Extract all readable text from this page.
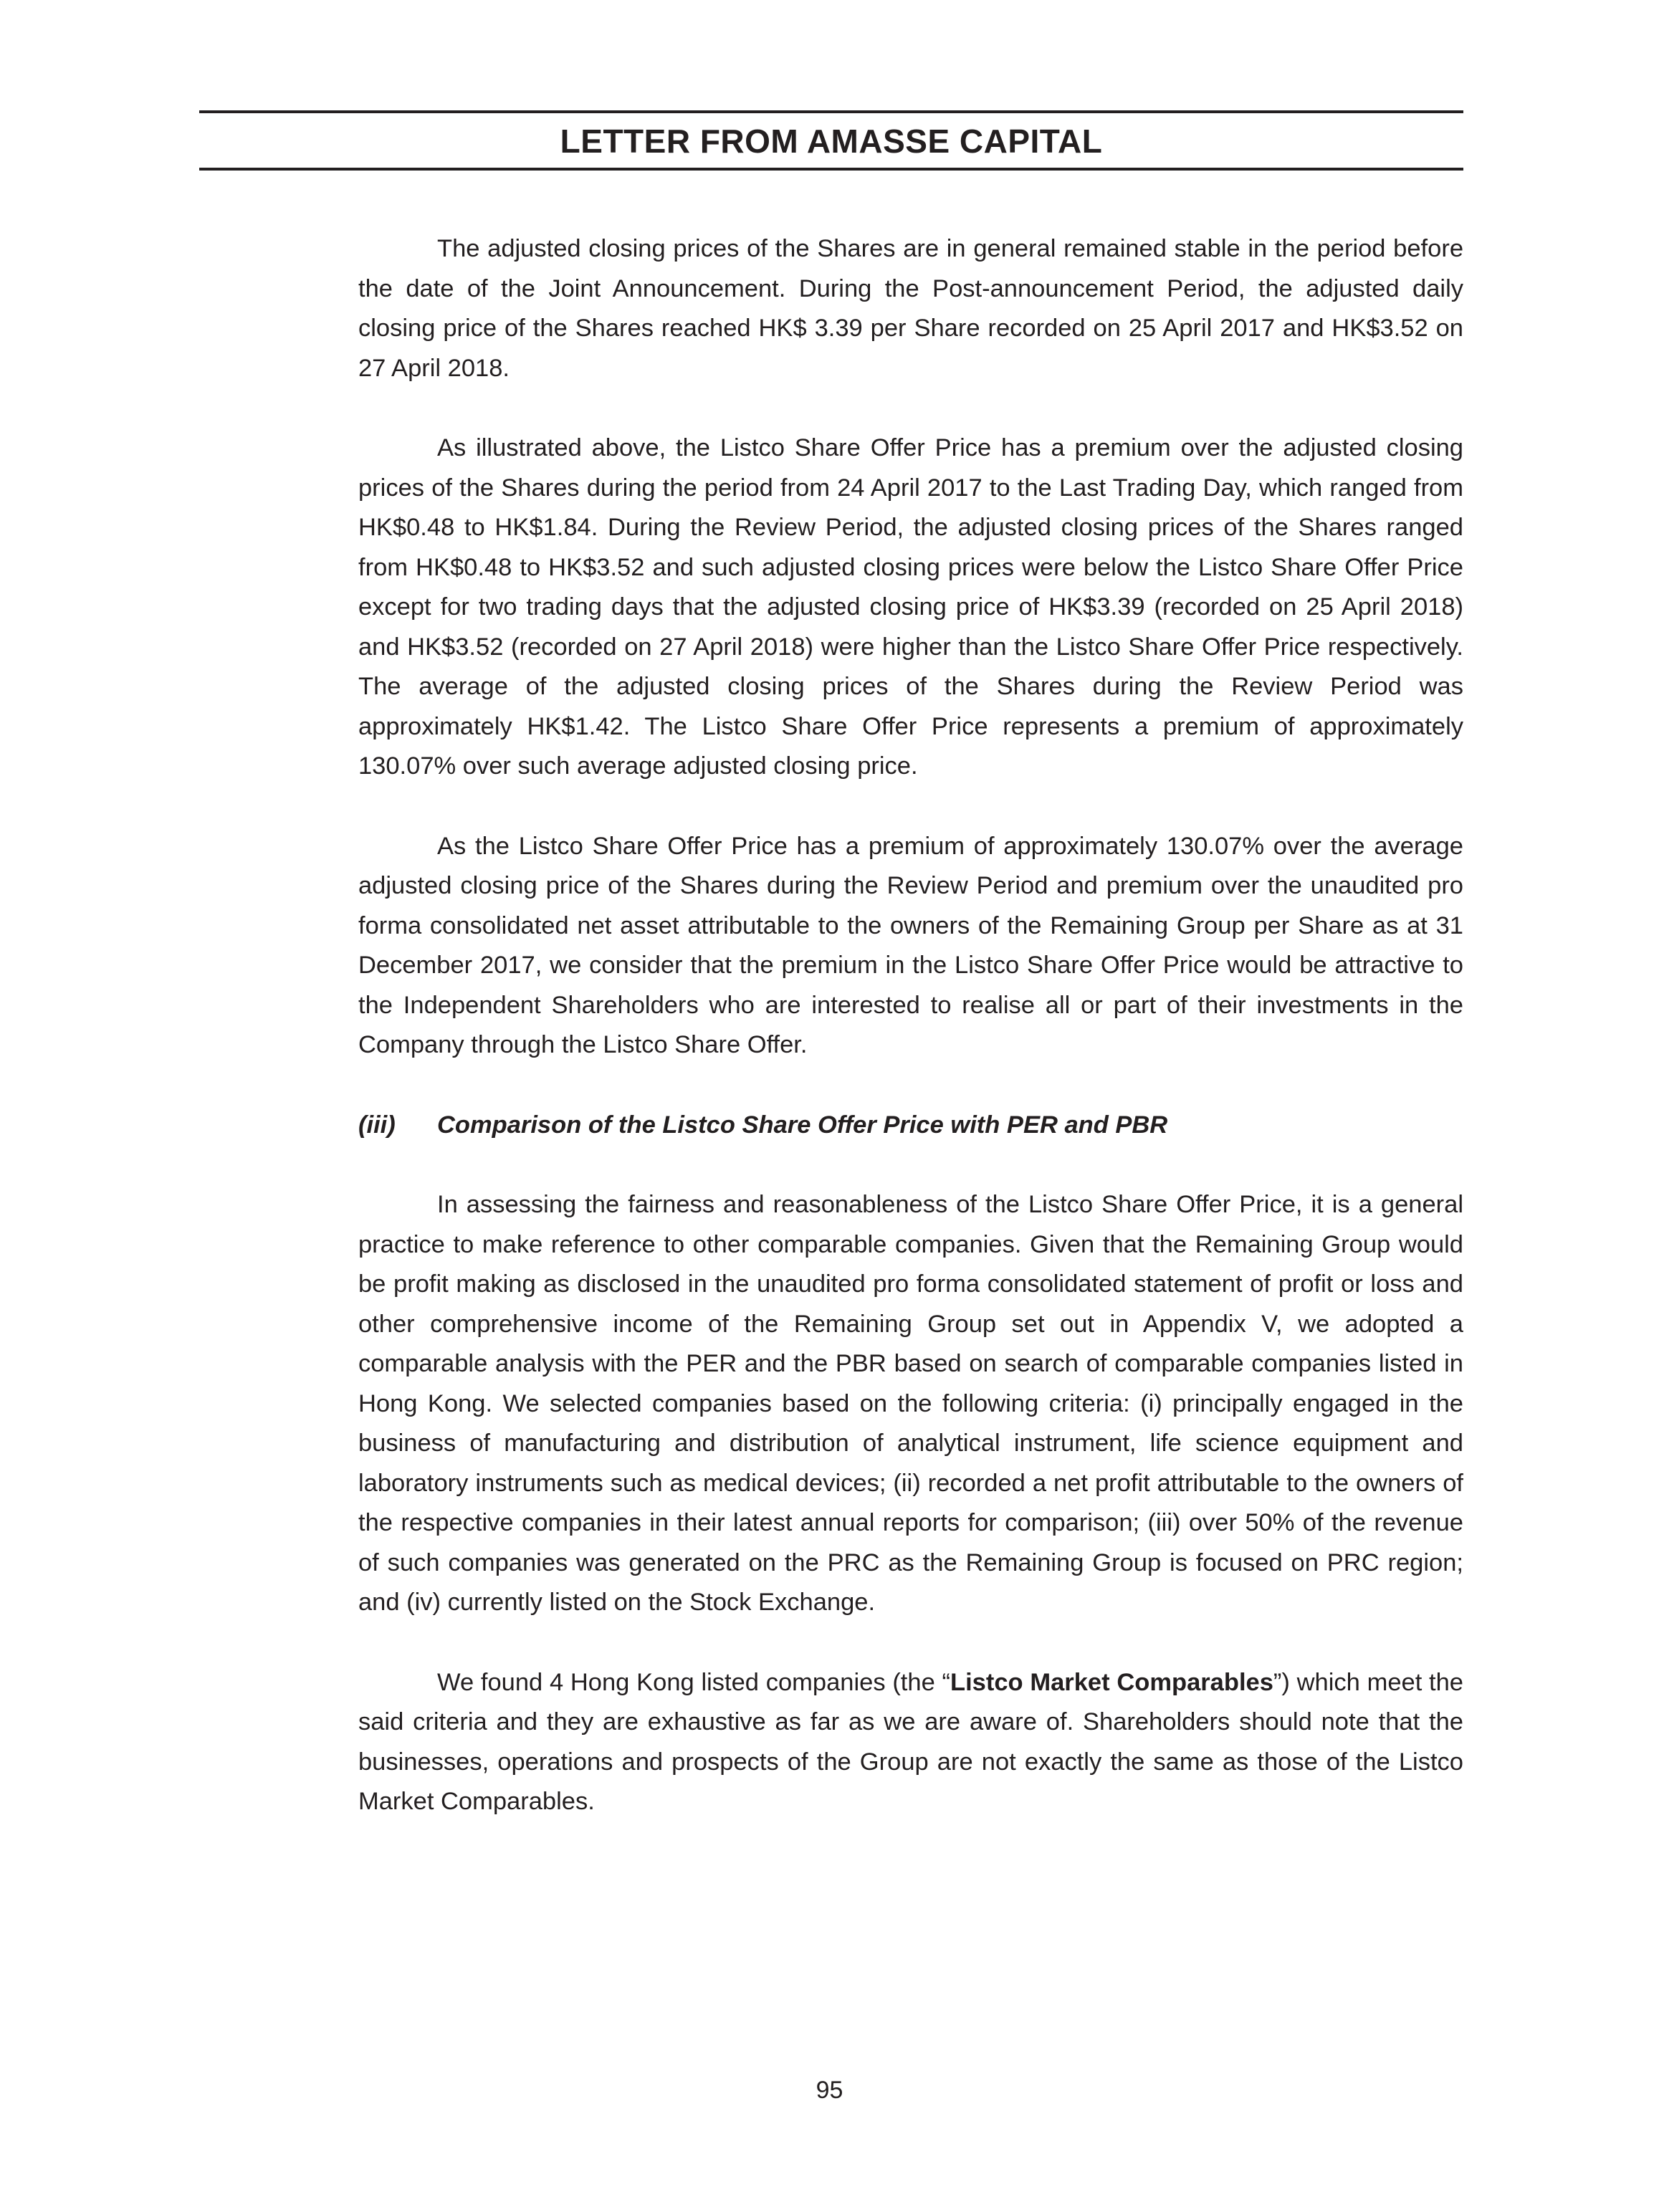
LETTER FROM AMASSE CAPITAL

The adjusted closing prices of the Shares are in general remained stable in the period before the date of the Joint Announcement. During the Post-announcement Period, the adjusted daily closing price of the Shares reached HK$ 3.39 per Share recorded on 25 April 2017 and HK$3.52 on 27 April 2018.

As illustrated above, the Listco Share Offer Price has a premium over the adjusted closing prices of the Shares during the period from 24 April 2017 to the Last Trading Day, which ranged from HK$0.48 to HK$1.84. During the Review Period, the adjusted closing prices of the Shares ranged from HK$0.48 to HK$3.52 and such adjusted closing prices were below the Listco Share Offer Price except for two trading days that the adjusted closing price of HK$3.39 (recorded on 25 April 2018) and HK$3.52 (recorded on 27 April 2018) were higher than the Listco Share Offer Price respectively. The average of the adjusted closing prices of the Shares during the Review Period was approximately HK$1.42. The Listco Share Offer Price represents a premium of approximately 130.07% over such average adjusted closing price.

As the Listco Share Offer Price has a premium of approximately 130.07% over the average adjusted closing price of the Shares during the Review Period and premium over the unaudited pro forma consolidated net asset attributable to the owners of the Remaining Group per Share as at 31 December 2017, we consider that the premium in the Listco Share Offer Price would be attractive to the Independent Shareholders who are interested to realise all or part of their investments in the Company through the Listco Share Offer.

(iii) Comparison of the Listco Share Offer Price with PER and PBR

In assessing the fairness and reasonableness of the Listco Share Offer Price, it is a general practice to make reference to other comparable companies. Given that the Remaining Group would be profit making as disclosed in the unaudited pro forma consolidated statement of profit or loss and other comprehensive income of the Remaining Group set out in Appendix V, we adopted a comparable analysis with the PER and the PBR based on search of comparable companies listed in Hong Kong. We selected companies based on the following criteria: (i) principally engaged in the business of manufacturing and distribution of analytical instrument, life science equipment and laboratory instruments such as medical devices; (ii) recorded a net profit attributable to the owners of the respective companies in their latest annual reports for comparison; (iii) over 50% of the revenue of such companies was generated on the PRC as the Remaining Group is focused on PRC region; and (iv) currently listed on the Stock Exchange.

We found 4 Hong Kong listed companies (the “Listco Market Comparables”) which meet the said criteria and they are exhaustive as far as we are aware of. Shareholders should note that the businesses, operations and prospects of the Group are not exactly the same as those of the Listco Market Comparables.

95
